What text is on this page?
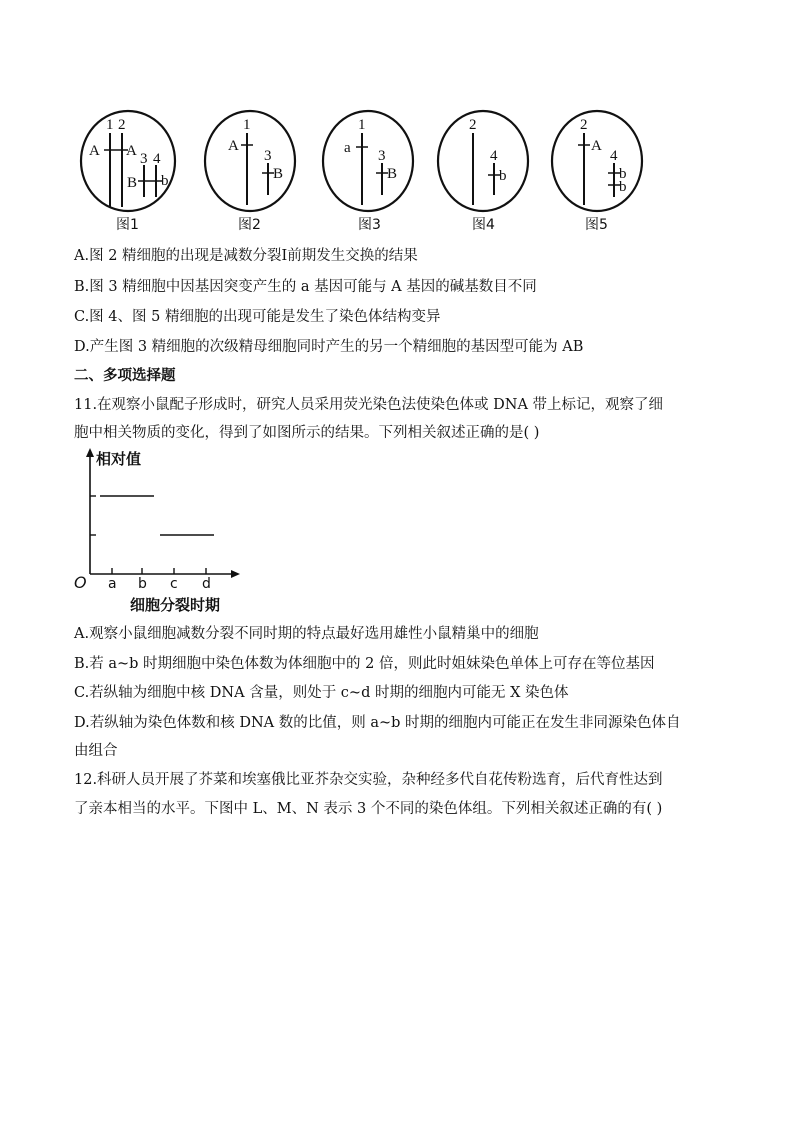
1 2
A A 3 4
B b
1
A
3
B
1
a 3
B
2
4
b
2
A
4
b
b
图1	图2	图3	图4	图5
A.图 2 精细胞的出现是减数分裂Ⅰ前期发生交换的结果
B.图 3 精细胞中因基因突变产生的 a 基因可能与 A 基因的碱基数目不同
C.图 4、图 5 精细胞的出现可能是发生了染色体结构变异
D.产生图 3 精细胞的次级精母细胞同时产生的另一个精细胞的基因型可能为 AB
二、多项选择题
11.在观察小鼠配子形成时，研究人员采用荧光染色法使染色体或 DNA 带上标记，观察了细
胞中相关物质的变化，得到了如图所示的结果。下列相关叙述正确的是( )
相对值
O a b c d
细胞分裂时期
A.观察小鼠细胞减数分裂不同时期的特点最好选用雄性小鼠精巢中的细胞
B.若 a~b 时期细胞中染色体数为体细胞中的 2 倍，则此时姐妹染色单体上可存在等位基因
C.若纵轴为细胞中核 DNA 含量，则处于 c~d 时期的细胞内可能无 X 染色体
D.若纵轴为染色体数和核 DNA 数的比值，则 a~b 时期的细胞内可能正在发生非同源染色体自
由组合
12.科研人员开展了芥菜和埃塞俄比亚芥杂交实验，杂种经多代自花传粉选育，后代育性达到
了亲本相当的水平。下图中 L、M、N 表示 3 个不同的染色体组。下列相关叙述正确的有( )
